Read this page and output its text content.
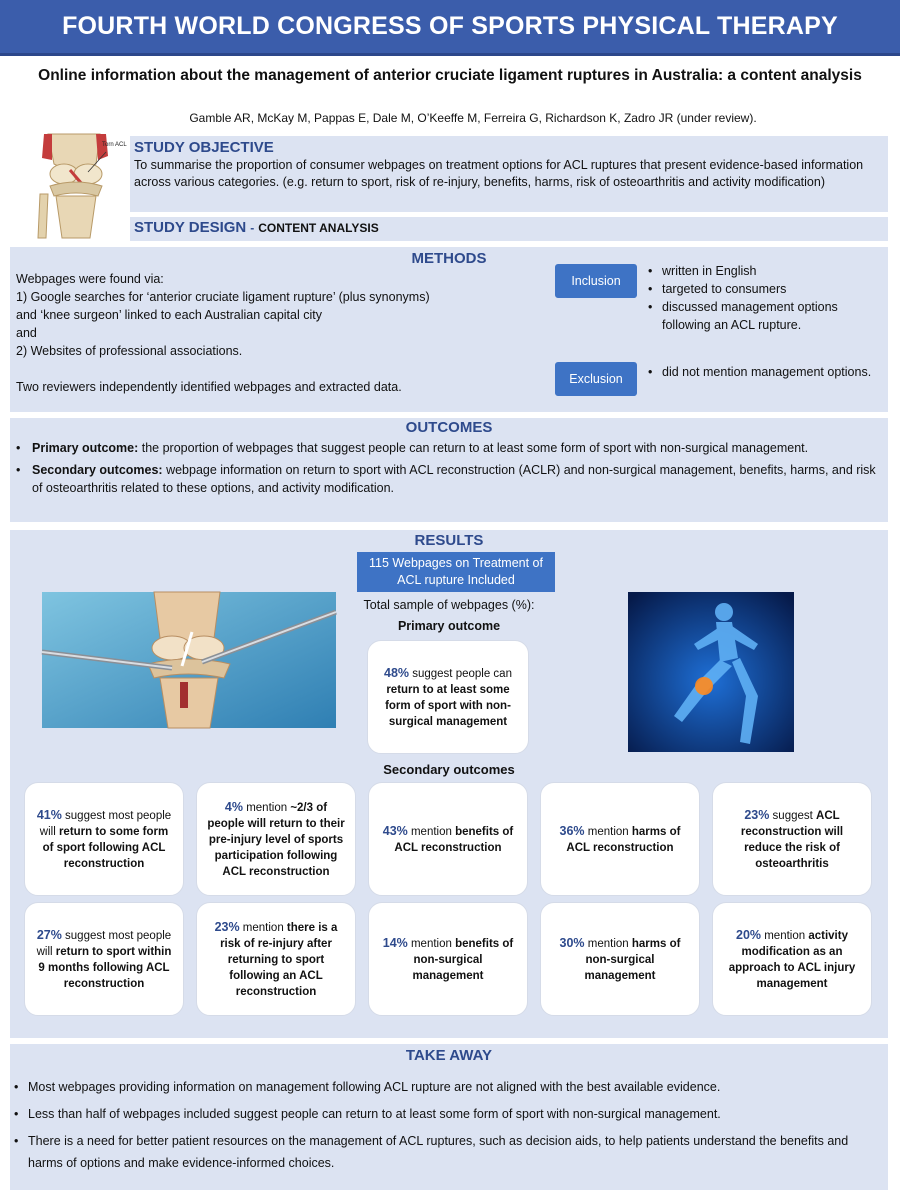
FOURTH WORLD CONGRESS OF SPORTS PHYSICAL THERAPY
Online information about the management of anterior cruciate ligament ruptures in Australia: a content analysis
Gamble AR, McKay M, Pappas E, Dale M, O’Keeffe M, Ferreira G, Richardson K, Zadro JR (under review).
Torn ACL STUDY OBJECTIVE

To summarise the proportion of consumer webpages on treatment options for ACL ruptures that present evidence-based information across various categories. (e.g. return to sport, risk of re-injury, benefits, harms, risk of osteoarthritis and activity modification)

STUDY DESIGN - CONTENT ANALYSIS
METHODS
Webpages were found via:
1) Google searches for ‘anterior cruciate ligament rupture’ (plus synonyms)
and ‘knee surgeon’ linked to each Australian capital city
and
2) Websites of professional associations.
Two reviewers independently identified webpages and extracted data.
Inclusion
• written in English
• targeted to consumers
• discussed management options following an ACL rupture.
Exclusion
•	did not mention management options.
OUTCOMES
• Primary outcome: the proportion of webpages that suggest people can return to at least some form of sport with non-surgical management.
• Secondary outcomes: webpage information on return to sport with ACL reconstruction (ACLR) and non-surgical management, benefits, harms, and risk of osteoarthritis related to these options, and activity modification.
RESULTS
115 Webpages on Treatment of ACL rupture Included
Total sample of webpages (%):
Primary outcome
48% suggest people can return to at least some form of sport with non-surgical management
Secondary outcomes
41% suggest most people will return to some form of sport following ACL reconstruction
4% mention ~2/3 of people will return to their pre-injury level of sports participation following ACL reconstruction
43% mention benefits of ACL reconstruction
36% mention harms of ACL reconstruction
23% suggest ACL reconstruction will reduce the risk of osteoarthritis
27% suggest most people will return to sport within 9 months following ACL reconstruction
23% mention there is a risk of re-injury after returning to sport following an ACL reconstruction
14% mention benefits of non-surgical management
30% mention harms of non-surgical management
20% mention activity modification as an approach to ACL injury management
TAKE AWAY
• Most webpages providing information on management following ACL rupture are not aligned with the best available evidence.
• Less than half of webpages included suggest people can return to at least some form of sport with non-surgical management.
• There is a need for better patient resources on the management of ACL ruptures, such as decision aids, to help patients understand the benefits and harms of options and make evidence-informed choices.
